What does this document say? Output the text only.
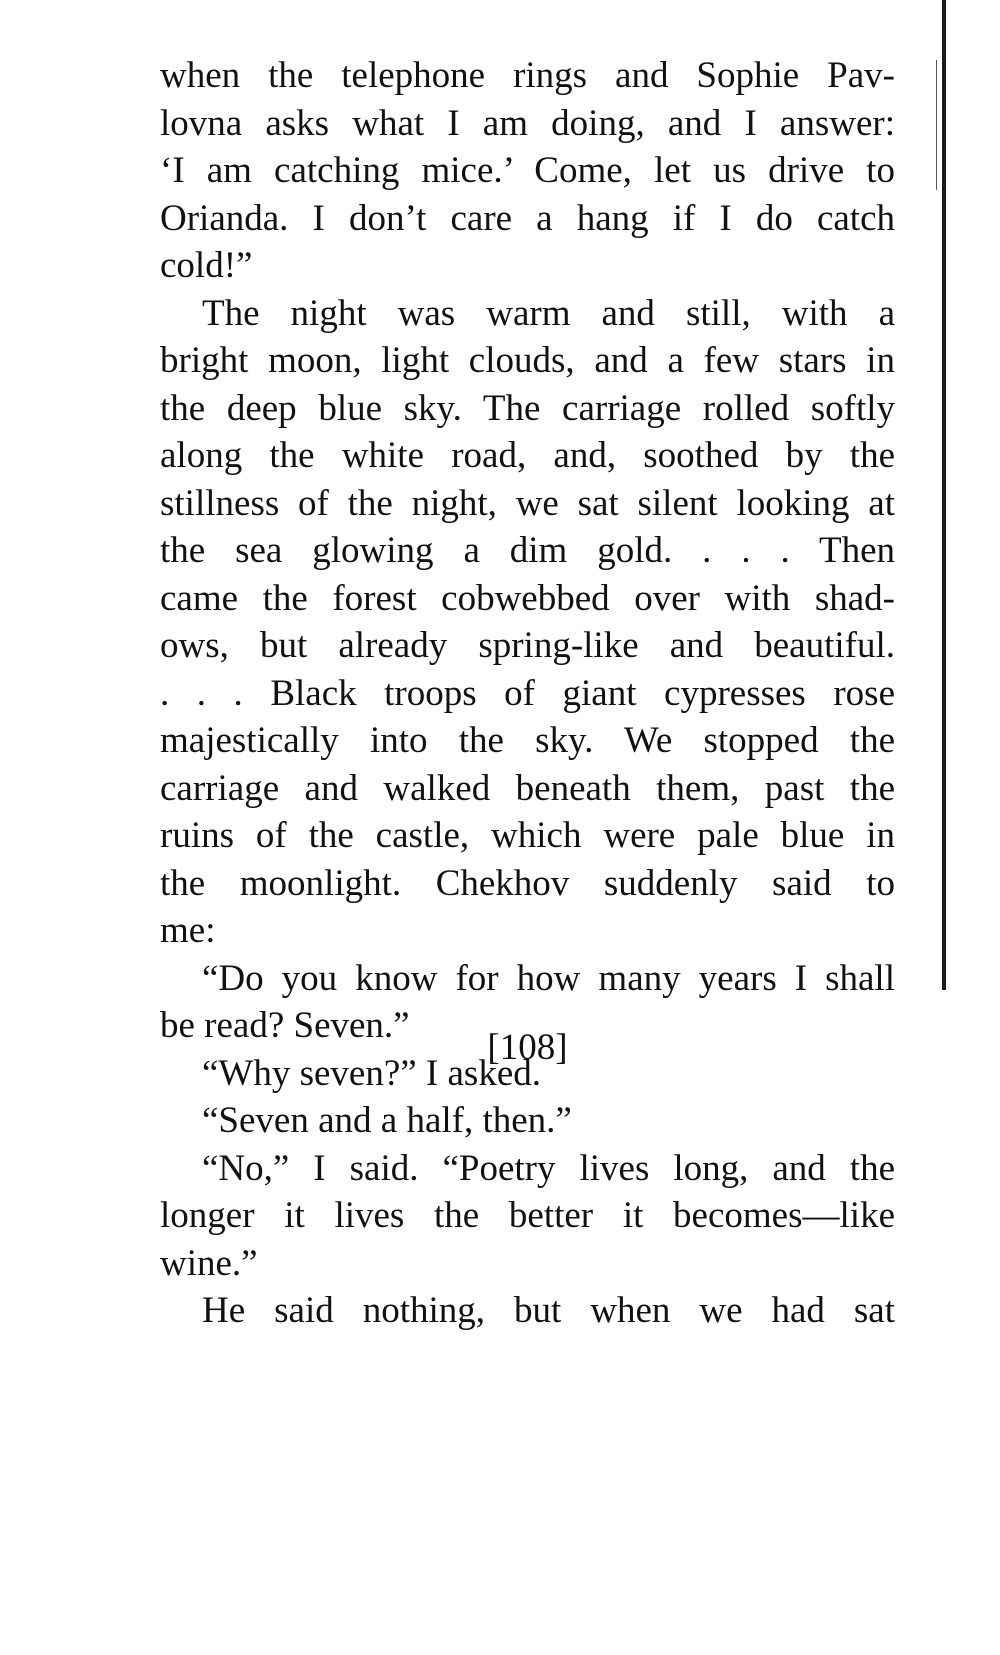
when the telephone rings and Sophie Pav-
lovna asks what I am doing, and I answer:
‘I am catching mice.’ Come, let us drive to
Orianda. I don’t care a hang if I do catch
cold!”
The night was warm and still, with a
bright moon, light clouds, and a few stars in
the deep blue sky. The carriage rolled softly
along the white road, and, soothed by the
stillness of the night, we sat silent looking at
the sea glowing a dim gold. . . . Then
came the forest cobwebbed over with shad-
ows, but already spring-like and beautiful.
. . . Black troops of giant cypresses rose
majestically into the sky. We stopped the
carriage and walked beneath them, past the
ruins of the castle, which were pale blue in
the moonlight. Chekhov suddenly said to
me:
“Do you know for how many years I shall
be read? Seven.”
“Why seven?” I asked.
“Seven and a half, then.”
“No,” I said. “Poetry lives long, and the
longer it lives the better it becomes—like
wine.”
He said nothing, but when we had sat
[108]
